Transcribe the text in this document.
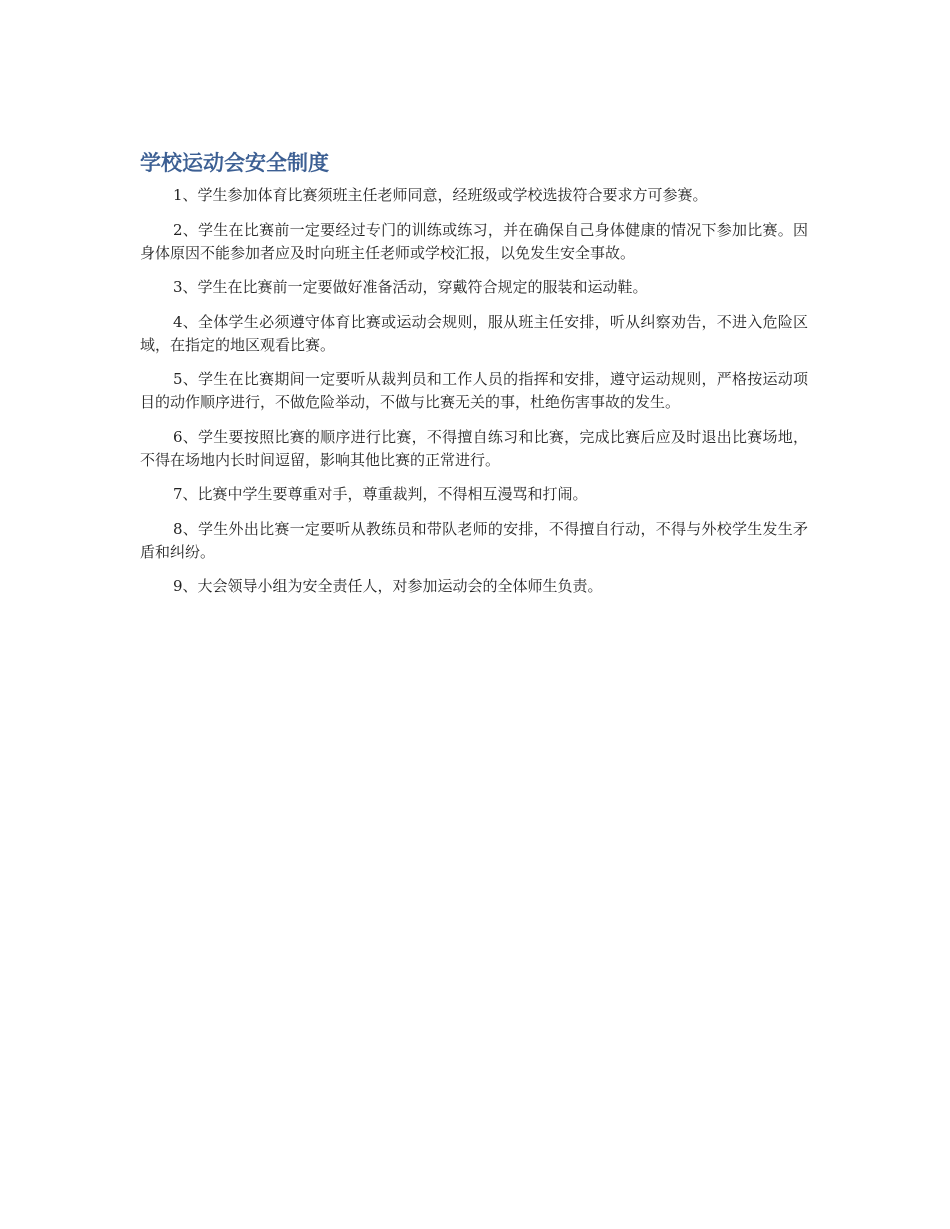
学校运动会安全制度

1、学生参加体育比赛须班主任老师同意，经班级或学校选拔符合要求方可参赛。

2、学生在比赛前一定要经过专门的训练或练习，并在确保自己身体健康的情况下参加比赛。因身体原因不能参加者应及时向班主任老师或学校汇报，以免发生安全事故。

3、学生在比赛前一定要做好准备活动，穿戴符合规定的服装和运动鞋。

4、全体学生必须遵守体育比赛或运动会规则，服从班主任安排，听从纠察劝告，不进入危险区域，在指定的地区观看比赛。

5、学生在比赛期间一定要听从裁判员和工作人员的指挥和安排，遵守运动规则，严格按运动项目的动作顺序进行，不做危险举动，不做与比赛无关的事，杜绝伤害事故的发生。

6、学生要按照比赛的顺序进行比赛，不得擅自练习和比赛，完成比赛后应及时退出比赛场地，不得在场地内长时间逗留，影响其他比赛的正常进行。

7、比赛中学生要尊重对手，尊重裁判，不得相互漫骂和打闹。

8、学生外出比赛一定要听从教练员和带队老师的安排，不得擅自行动，不得与外校学生发生矛盾和纠纷。

9、大会领导小组为安全责任人，对参加运动会的全体师生负责。
